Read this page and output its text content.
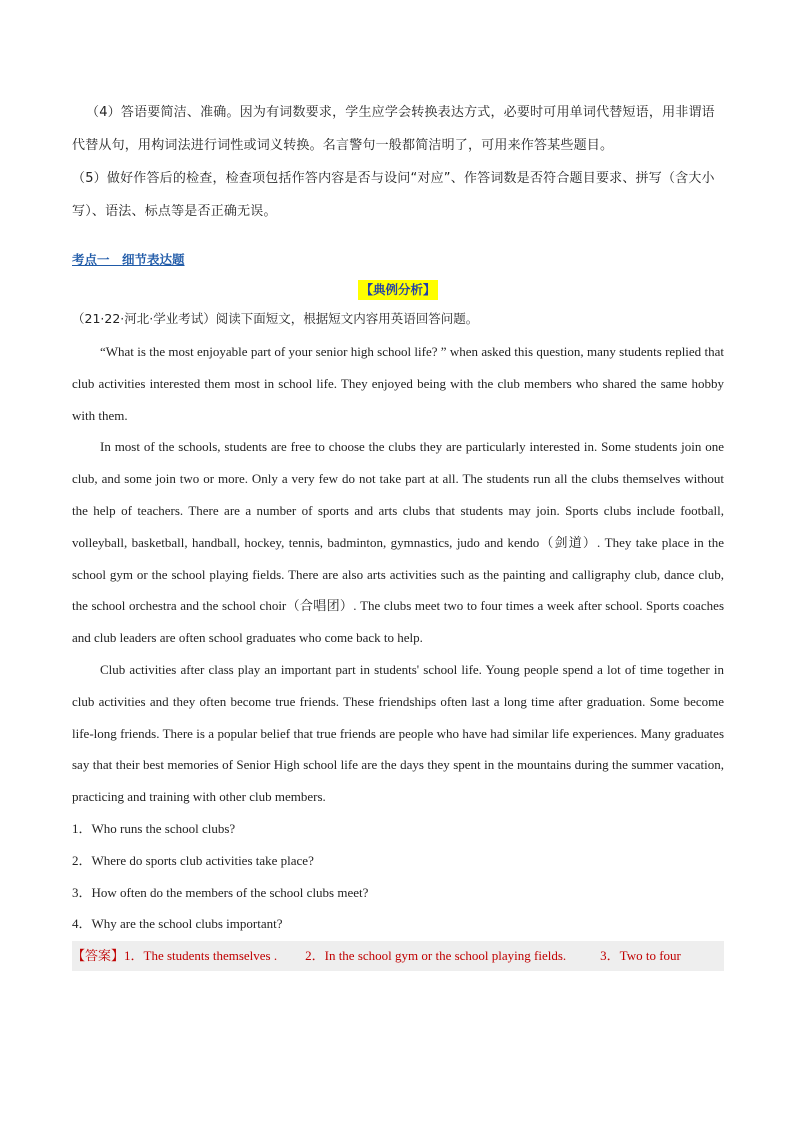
（4）答语要简洁、准确。因为有词数要求，学生应学会转换表达方式，必要时可用单词代替短语，用非谓语代替从句，用构词法进行词性或词义转换。名言警句一般都简洁明了，可用来作答某些题目。

（5）做好作答后的检查，检查项包括作答内容是否与设问“对应”、作答词数是否符合题目要求、拼写（含大小写）、语法、标点等是否正确无误。

考点一　细节表达题
【典例分析】
（21·22·河北·学业考试）阅读下面短文，根据短文内容用英语回答问题。

“What is the most enjoyable part of your senior high school life? ” when asked this question, many students replied that club activities interested them most in school life. They enjoyed being with the club members who shared the same hobby with them.

In most of the schools, students are free to choose the clubs they are particularly interested in. Some students join one club, and some join two or more. Only a very few do not take part at all. The students run all the clubs themselves without the help of teachers. There are a number of sports and arts clubs that students may join. Sports clubs include football, volleyball, basketball, handball, hockey, tennis, badminton, gymnastics, judo and kendo（剑道）. They take place in the school gym or the school playing fields. There are also arts activities such as the painting and calligraphy club, dance club, the school orchestra and the school choir（合唱团）. The clubs meet two to four times a week after school. Sports coaches and club leaders are often school graduates who come back to help.

Club activities after class play an important part in students' school life. Young people spend a lot of time together in club activities and they often become true friends. These friendships often last a long time after graduation. Some become life-long friends. There is a popular belief that true friends are people who have had similar life experiences. Many graduates say that their best memories of Senior High school life are the days they spent in the mountains during the summer vacation, practicing and training with other club members.

1．Who runs the school clubs?
2．Where do sports club activities take place?
3．How often do the members of the school clubs meet?
4．Why are the school clubs important?
【答案】1．The students themselves . 2．In the school gym or the school playing fields.	3．Two to four
